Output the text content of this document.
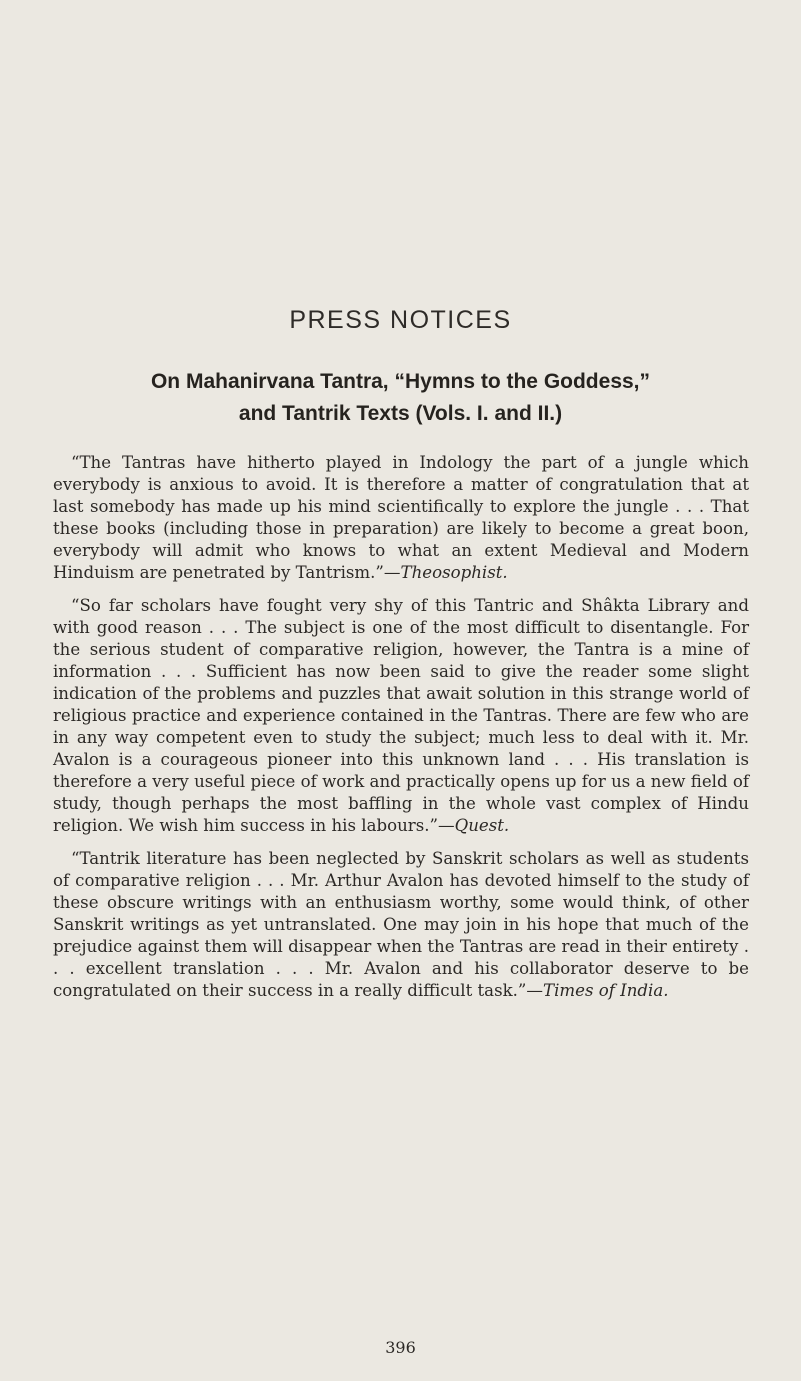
PRESS NOTICES
On Mahanirvana Tantra, “Hymns to the Goddess,”
and Tantrik Texts (Vols. I. and II.)

“The Tantras have hitherto played in Indology the part of a jungle which everybody is anxious to avoid. It is therefore a matter of congratulation that at last somebody has made up his mind scientifically to explore the jungle . . . That these books (including those in preparation) are likely to become a great boon, everybody will admit who knows to what an extent Medieval and Modern Hinduism are penetrated by Tantrism.”—Theosophist.

“So far scholars have fought very shy of this Tantric and Shâkta Library and with good reason . . . The subject is one of the most difficult to disentangle. For the serious student of comparative religion, however, the Tantra is a mine of information . . . Sufficient has now been said to give the reader some slight indication of the problems and puzzles that await solution in this strange world of religious practice and experience contained in the Tantras. There are few who are in any way competent even to study the subject; much less to deal with it. Mr. Avalon is a courageous pioneer into this unknown land . . . His translation is therefore a very useful piece of work and practically opens up for us a new field of study, though perhaps the most baffling in the whole vast complex of Hindu religion. We wish him success in his labours.”—Quest.

“Tantrik literature has been neglected by Sanskrit scholars as well as students of comparative religion . . . Mr. Arthur Avalon has devoted himself to the study of these obscure writings with an enthusiasm worthy, some would think, of other Sanskrit writings as yet untranslated. One may join in his hope that much of the prejudice against them will disappear when the Tantras are read in their entirety . . . excellent translation . . . Mr. Avalon and his collaborator deserve to be congratulated on their success in a really difficult task.”—Times of India.

396
